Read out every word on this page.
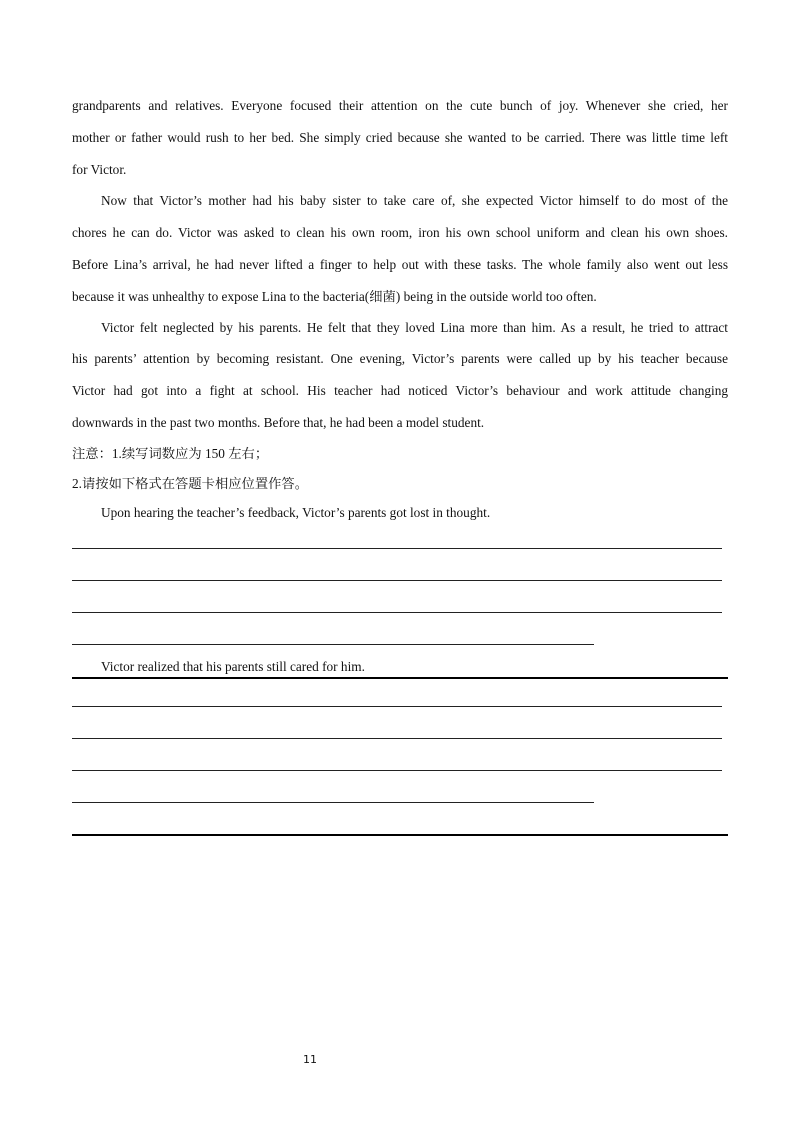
grandparents and relatives. Everyone focused their attention on the cute bunch of joy. Whenever she cried, her
mother or father would rush to her bed. She simply cried because she wanted to be carried. There was little time left
for Victor.
Now that Victor’s mother had his baby sister to take care of, she expected Victor himself to do most of the
chores he can do. Victor was asked to clean his own room, iron his own school uniform and clean his own shoes.
Before Lina’s arrival, he had never lifted a finger to help out with these tasks. The whole family also went out less
because it was unhealthy to expose Lina to the bacteria(细菌) being in the outside world too often.
Victor felt neglected by his parents. He felt that they loved Lina more than him. As a result, he tried to attract
his parents’ attention by becoming resistant. One evening, Victor’s parents were called up by his teacher because
Victor had got into a fight at school. His teacher had noticed Victor’s behaviour and work attitude changing
downwards in the past two months. Before that, he had been a model student.
注意：1.续写词数应为 150 左右；
2.请按如下格式在答题卡相应位置作答。
Upon hearing the teacher’s feedback, Victor’s parents got lost in thought.
Victor realized that his parents still cared for him.
11
